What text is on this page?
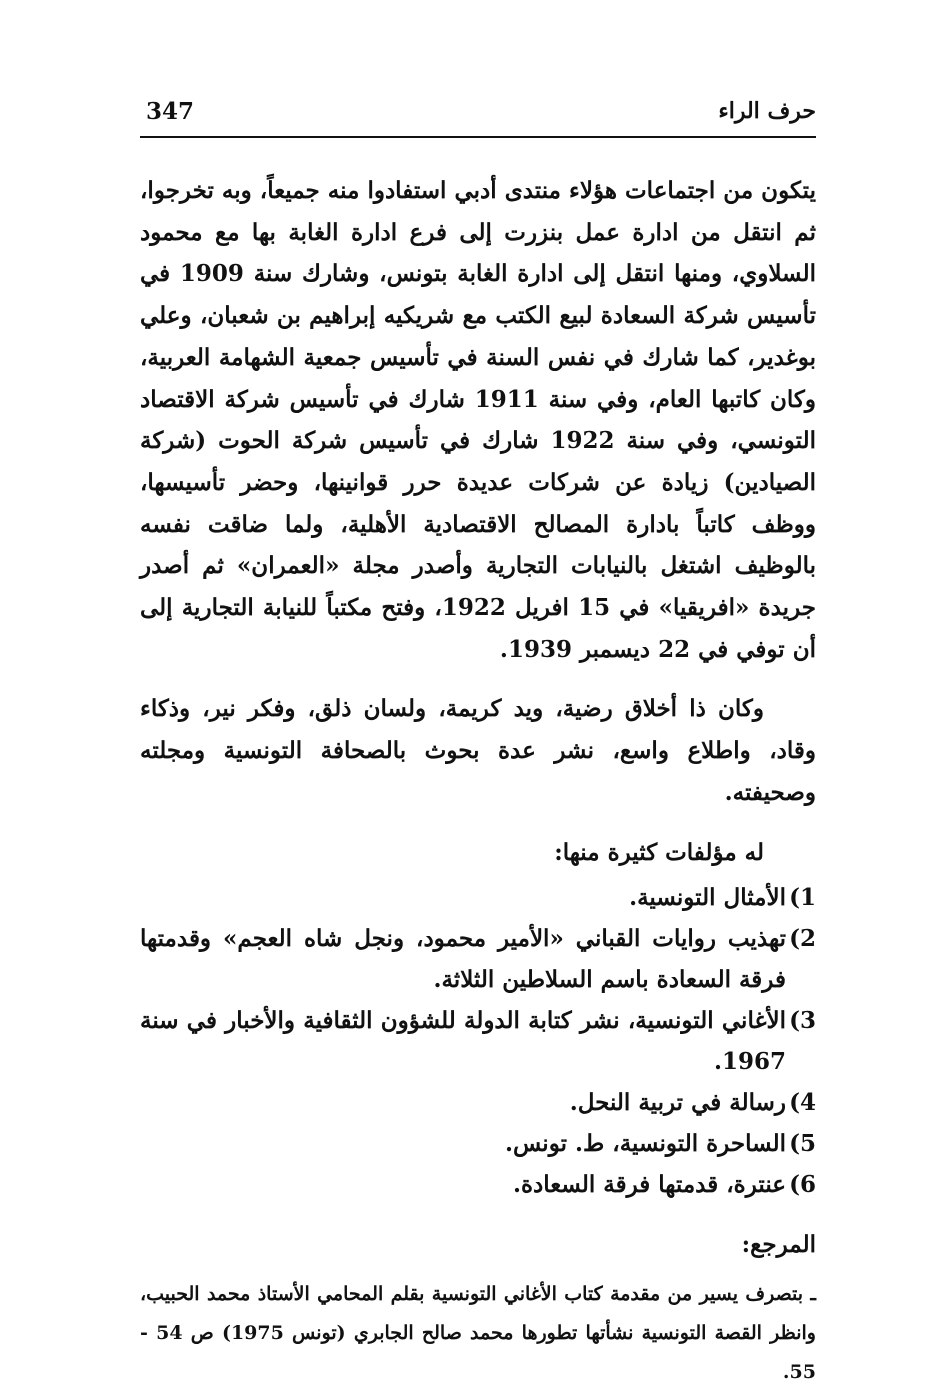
347	حرف الراء

يتكون من اجتماعات هؤلاء منتدى أدبي استفادوا منه جميعاً، وبه تخرجوا، ثم انتقل من ادارة عمل بنزرت إلى فرع ادارة الغابة بها مع محمود السلاوي، ومنها انتقل إلى ادارة الغابة بتونس، وشارك سنة 1909 في تأسيس شركة السعادة لبيع الكتب مع شريكيه إبراهيم بن شعبان، وعلي بوغدير، كما شارك في نفس السنة في تأسيس جمعية الشهامة العربية، وكان كاتبها العام، وفي سنة 1911 شارك في تأسيس شركة الاقتصاد التونسي، وفي سنة 1922 شارك في تأسيس شركة الحوت (شركة الصيادين) زيادة عن شركات عديدة حرر قوانينها، وحضر تأسيسها، ووظف كاتباً بادارة المصالح الاقتصادية الأهلية، ولما ضاقت نفسه بالوظيف اشتغل بالنيابات التجارية وأصدر مجلة «العمران» ثم أصدر جريدة «افريقيا» في 15 افريل 1922، وفتح مكتباً للنيابة التجارية إلى أن توفي في 22 ديسمبر 1939.

وكان ذا أخلاق رضية، ويد كريمة، ولسان ذلق، وفكر نير، وذكاء وقاد، واطلاع واسع، نشر عدة بحوث بالصحافة التونسية ومجلته وصحيفته.

له مؤلفات كثيرة منها:

1)
الأمثال التونسية.
2)
تهذيب روايات القباني «الأمير محمود، ونجل شاه العجم» وقدمتها فرقة السعادة باسم السلاطين الثلاثة.
3)
الأغاني التونسية، نشر كتابة الدولة للشؤون الثقافية والأخبار في سنة 1967.
4)
رسالة في تربية النحل.
5)
الساحرة التونسية، ط. تونس.
6)
عنترة، قدمتها فرقة السعادة.

المرجع:

ـ بتصرف يسير من مقدمة كتاب الأغاني التونسية بقلم المحامي الأستاذ محمد الحبيب، وانظر القصة التونسية نشأتها تطورها محمد صالح الجابري (تونس 1975) ص 54 - 55.
